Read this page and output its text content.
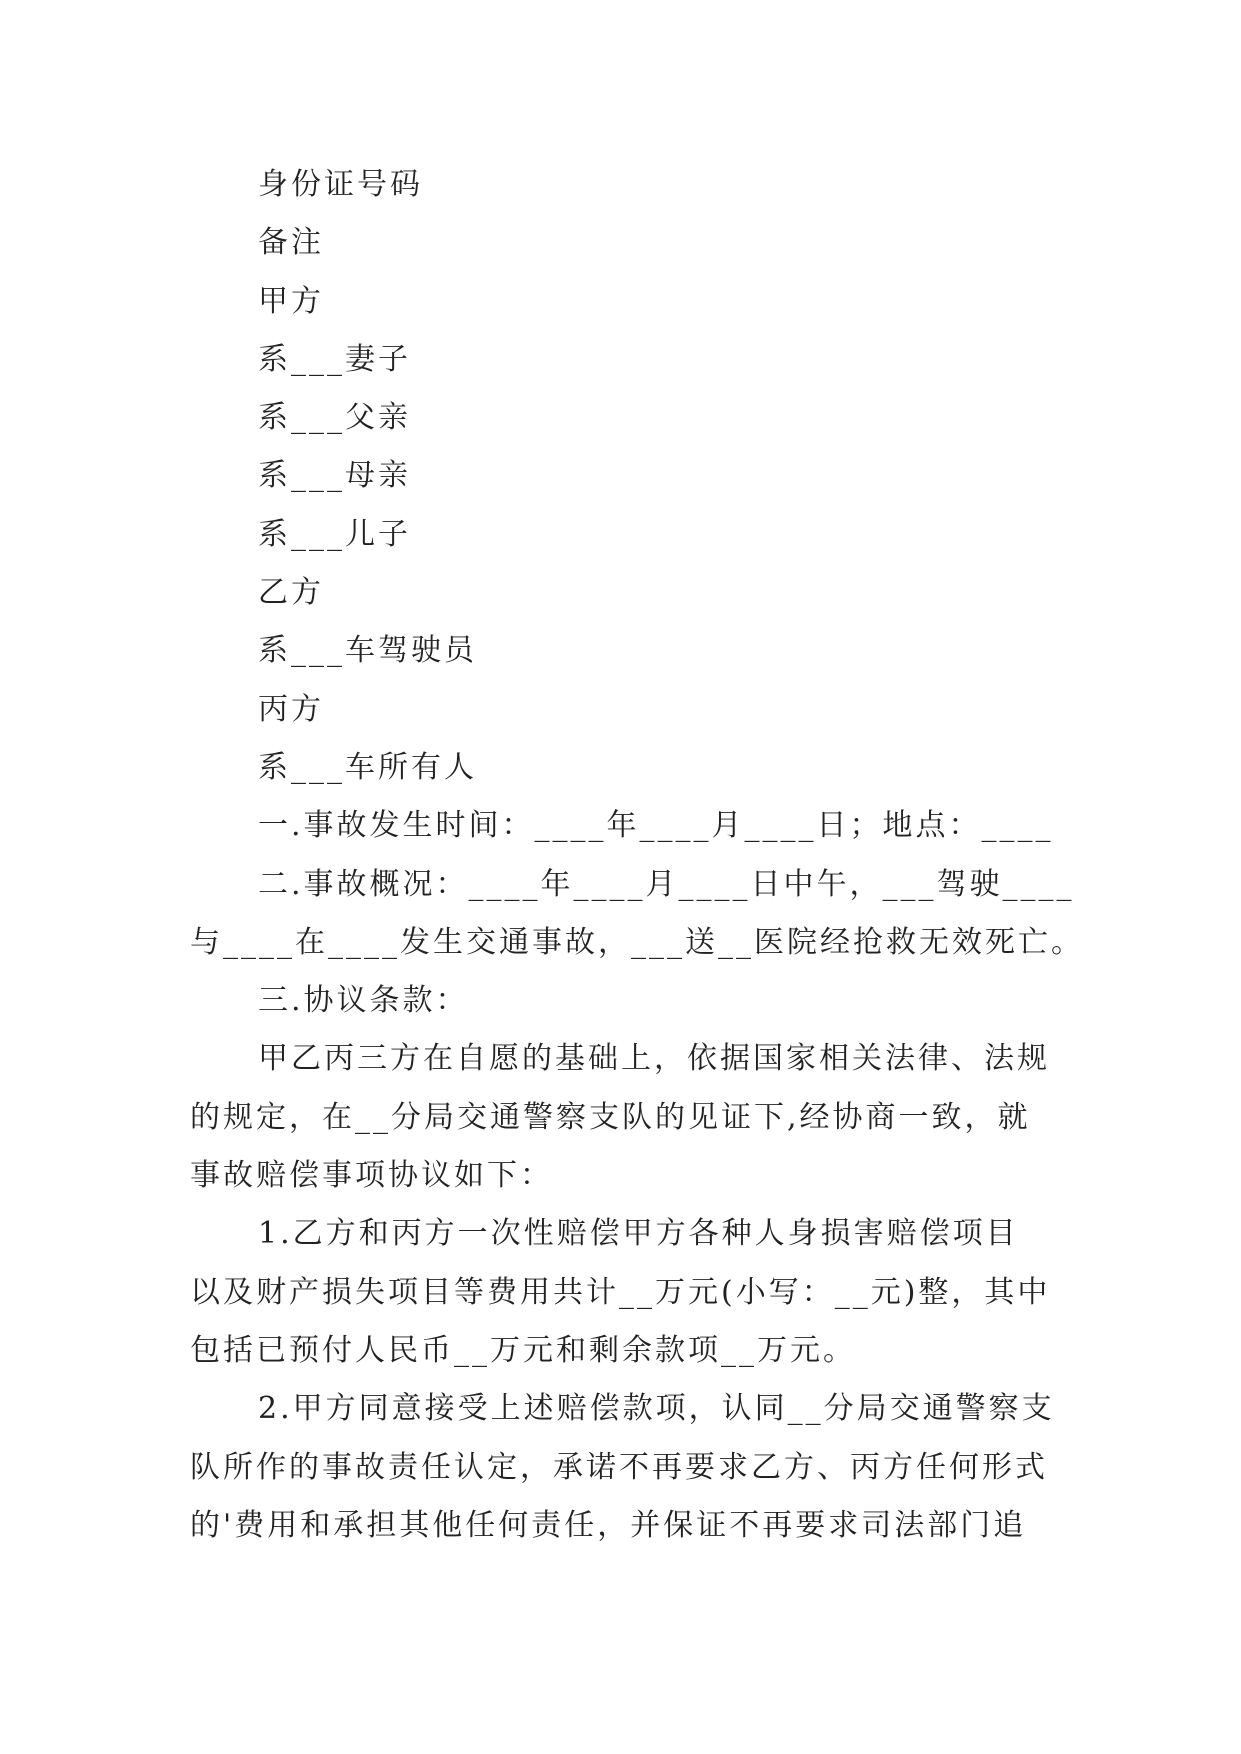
身份证号码
备注
甲方
系___妻子
系___父亲
系___母亲
系___儿子
乙方
系___车驾驶员
丙方
系___车所有人
一.事故发生时间：____年____月____日；地点：____
二.事故概况：____年____月____日中午，___驾驶____
与____在____发生交通事故，___送__医院经抢救无效死亡。
三.协议条款：
甲乙丙三方在自愿的基础上，依据国家相关法律、法规
的规定，在__分局交通警察支队的见证下,经协商一致，就
事故赔偿事项协议如下：
1.乙方和丙方一次性赔偿甲方各种人身损害赔偿项目
以及财产损失项目等费用共计__万元(小写：__元)整，其中
包括已预付人民币__万元和剩余款项__万元。
2.甲方同意接受上述赔偿款项，认同__分局交通警察支
队所作的事故责任认定，承诺不再要求乙方、丙方任何形式
的'费用和承担其他任何责任，并保证不再要求司法部门追
